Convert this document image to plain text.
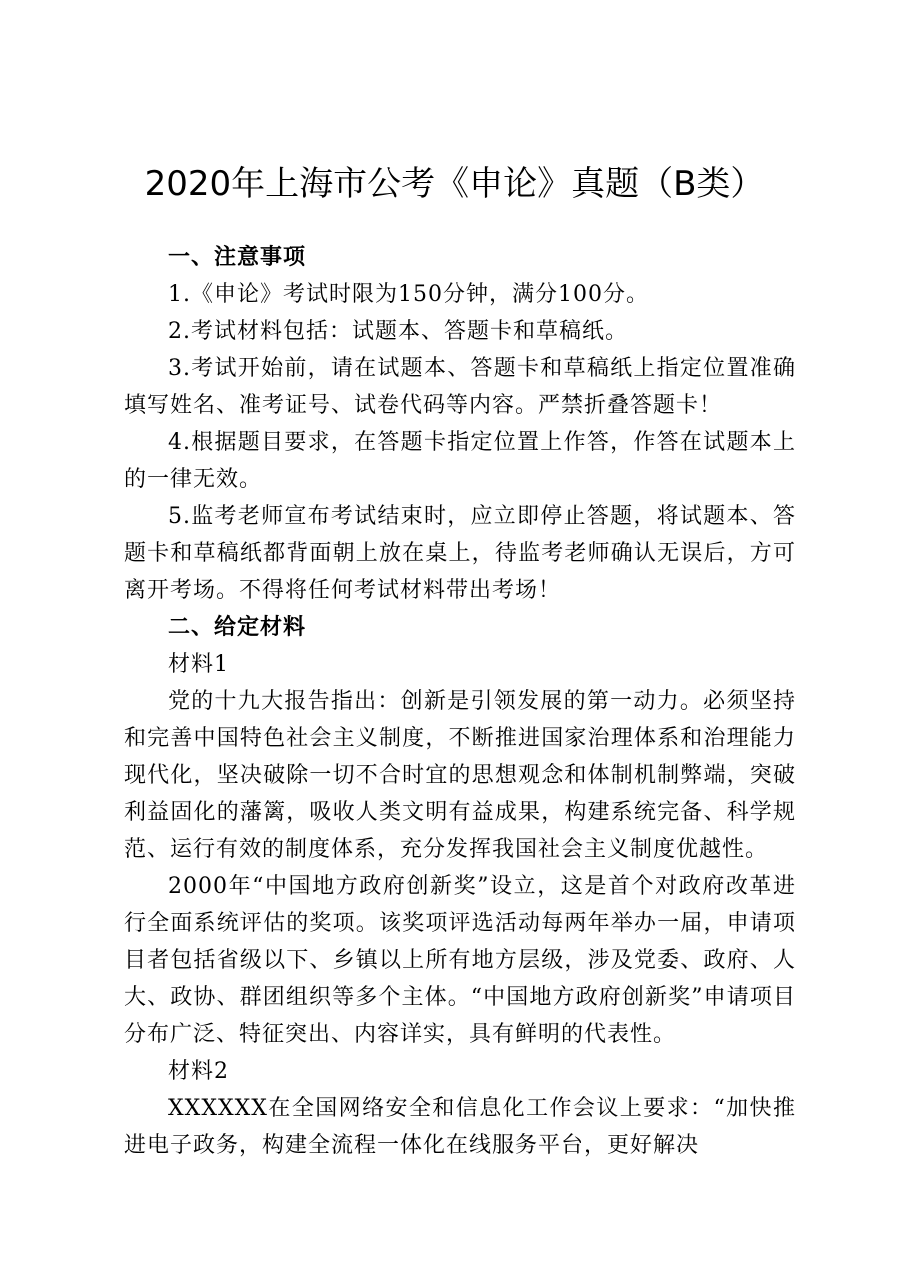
2020年上海市公考《申论》真题（B类）

一、注意事项

1.《申论》考试时限为150分钟，满分100分。

2.考试材料包括：试题本、答题卡和草稿纸。

3.考试开始前，请在试题本、答题卡和草稿纸上指定位置准确填写姓名、准考证号、试卷代码等内容。严禁折叠答题卡！

4.根据题目要求，在答题卡指定位置上作答，作答在试题本上的一律无效。

5.监考老师宣布考试结束时，应立即停止答题，将试题本、答题卡和草稿纸都背面朝上放在桌上，待监考老师确认无误后，方可离开考场。不得将任何考试材料带出考场！

二、给定材料

材料1

党的十九大报告指出：创新是引领发展的第一动力。必须坚持和完善中国特色社会主义制度，不断推进国家治理体系和治理能力现代化，坚决破除一切不合时宜的思想观念和体制机制弊端，突破利益固化的藩篱，吸收人类文明有益成果，构建系统完备、科学规范、运行有效的制度体系，充分发挥我国社会主义制度优越性。

2000年“中国地方政府创新奖”设立，这是首个对政府改革进行全面系统评估的奖项。该奖项评选活动每两年举办一届，申请项目者包括省级以下、乡镇以上所有地方层级，涉及党委、政府、人大、政协、群团组织等多个主体。“中国地方政府创新奖”申请项目分布广泛、特征突出、内容详实，具有鲜明的代表性。

材料2

XXXXXX在全国网络安全和信息化工作会议上要求：“加快推进电子政务，构建全流程一体化在线服务平台，更好解决
